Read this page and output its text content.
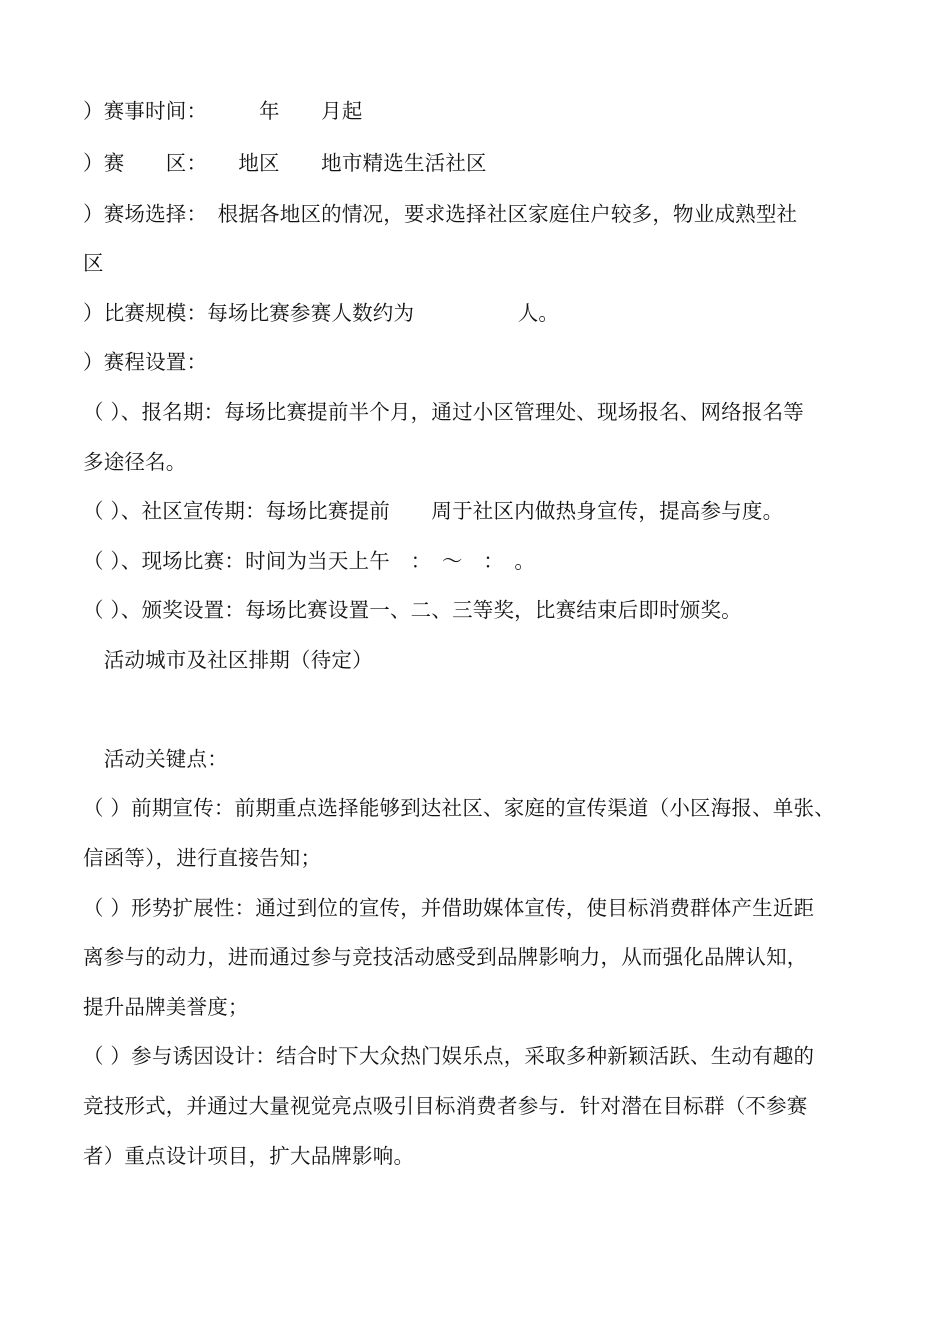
）赛事时间：　　　年　　月起
）赛　　区：　　地区　　地市精选生活社区
）赛场选择：　根据各地区的情况，要求选择社区家庭住户较多，物业成熟型社
区
）比赛规模：每场比赛参赛人数约为　　　　　人。
）赛程设置：
（ ）、报名期：每场比赛提前半个月，通过小区管理处、现场报名、网络报名等
多途径名。
（ ）、社区宣传期：每场比赛提前　　周于社区内做热身宣传，提高参与度。
（ ）、现场比赛：时间为当天上午　：　～　：　。
（ ）、颁奖设置：每场比赛设置一、二、三等奖，比赛结束后即时颁奖。
　活动城市及社区排期（待定）
　活动关键点：
（ ）前期宣传：前期重点选择能够到达社区、家庭的宣传渠道（小区海报、单张、
信函等），进行直接告知；
（ ）形势扩展性：通过到位的宣传，并借助媒体宣传，使目标消费群体产生近距
离参与的动力，进而通过参与竞技活动感受到品牌影响力，从而强化品牌认知，
提升品牌美誉度；
（ ）参与诱因设计：结合时下大众热门娱乐点，采取多种新颖活跃、生动有趣的
竞技形式，并通过大量视觉亮点吸引目标消费者参与．针对潜在目标群（不参赛
者）重点设计项目，扩大品牌影响。
